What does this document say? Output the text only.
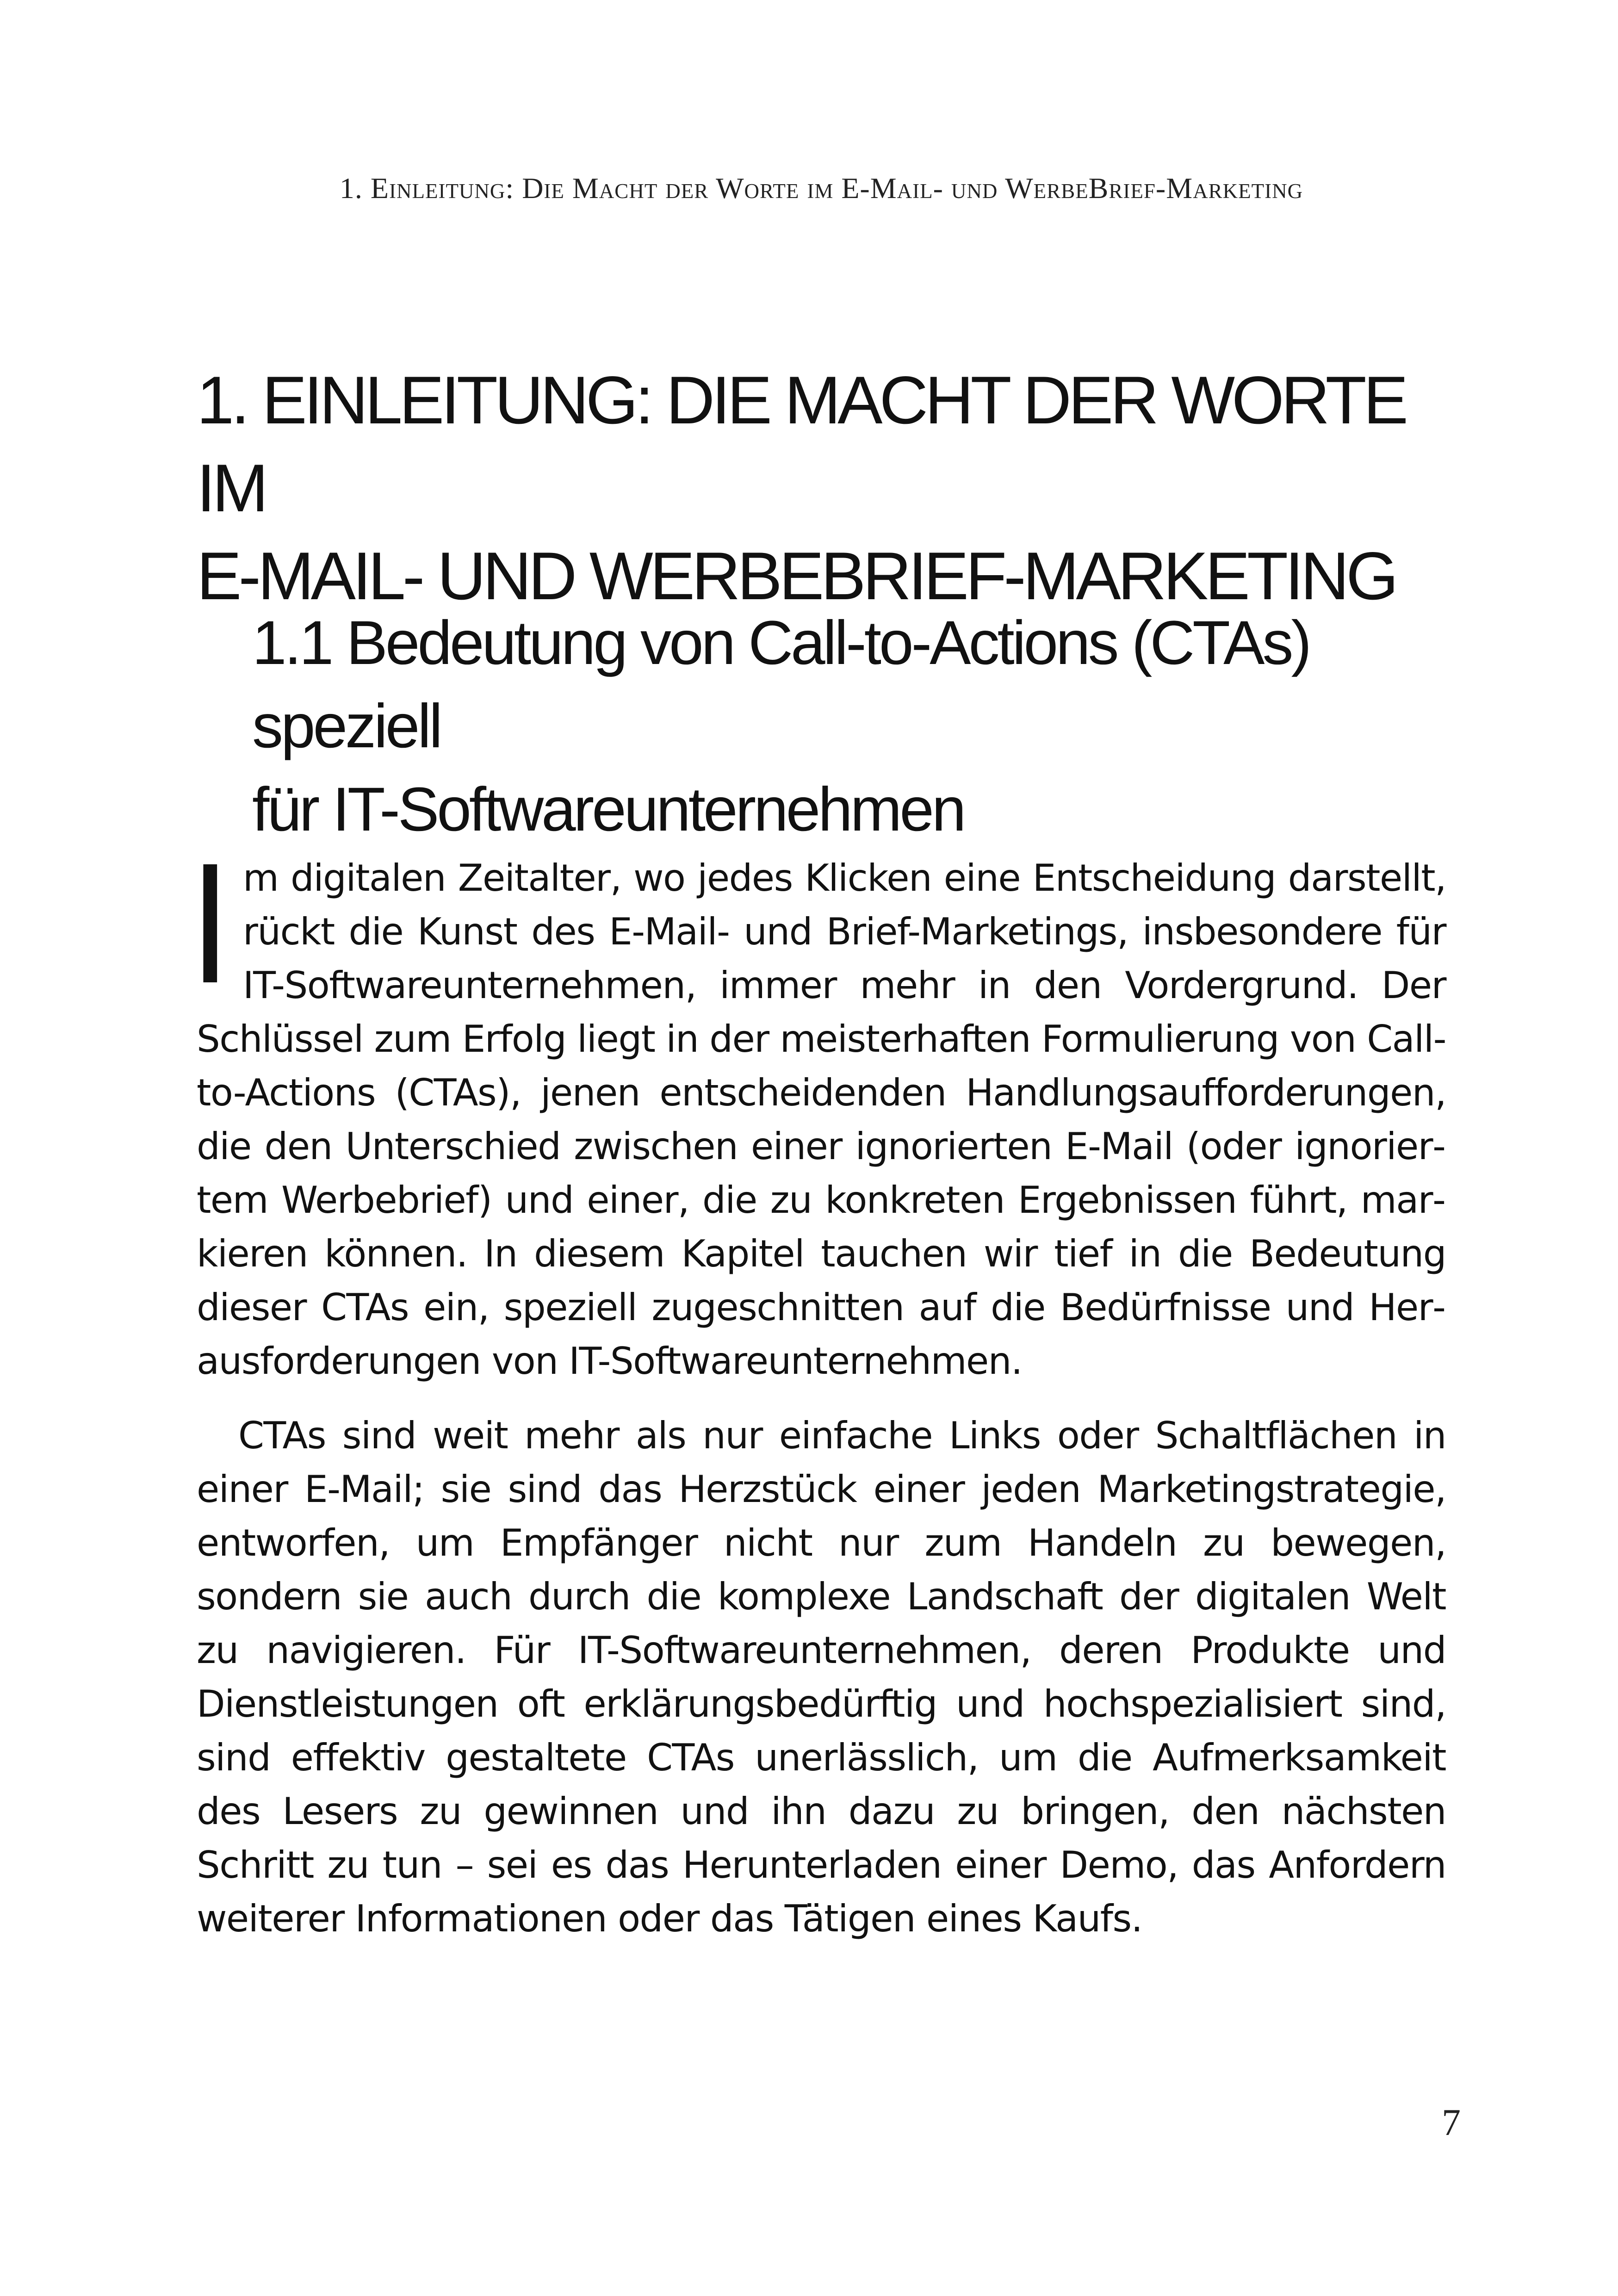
1. Einleitung: Die Macht der Worte im E-Mail- und WerbeBrief-Marketing
1. EINLEITUNG: DIE MACHT DER WORTE IM
E-MAIL- UND WERBEBRIEF-MARKETING
1.1 Bedeutung von Call-to-Actions (CTAs) speziell
für IT-Softwareunternehmen

Im digitalen Zeitalter, wo jedes Klicken eine Entscheidung darstellt, rückt die Kunst des E-Mail- und Brief-Marketings, insbesondere für IT-Softwareunternehmen, immer mehr in den Vordergrund. Der Schlüssel zum Erfolg liegt in der meisterhaften Formulierung von Call-to-Actions (CTAs), jenen entscheidenden Handlungsaufforderungen, die den Unterschied zwischen einer ignorierten E-Mail (oder ignoriertem Werbebrief) und einer, die zu konkreten Ergebnissen führt, markieren können. In diesem Kapitel tauchen wir tief in die Bedeutung dieser CTAs ein, speziell zugeschnitten auf die Bedürfnisse und Herausforderungen von IT-Softwareunternehmen.

CTAs sind weit mehr als nur einfache Links oder Schaltflächen in einer E-Mail; sie sind das Herzstück einer jeden Marketingstrategie, entworfen, um Empfänger nicht nur zum Handeln zu bewegen, sondern sie auch durch die komplexe Landschaft der digitalen Welt zu navigieren. Für IT-Softwareunternehmen, deren Produkte und Dienstleistungen oft erklärungsbedürftig und hochspezialisiert sind, sind effektiv gestaltete CTAs unerlässlich, um die Aufmerksamkeit des Lesers zu gewinnen und ihn dazu zu bringen, den nächsten Schritt zu tun – sei es das Herunterladen einer Demo, das Anfordern weiterer Informationen oder das Tätigen eines Kaufs.

7
